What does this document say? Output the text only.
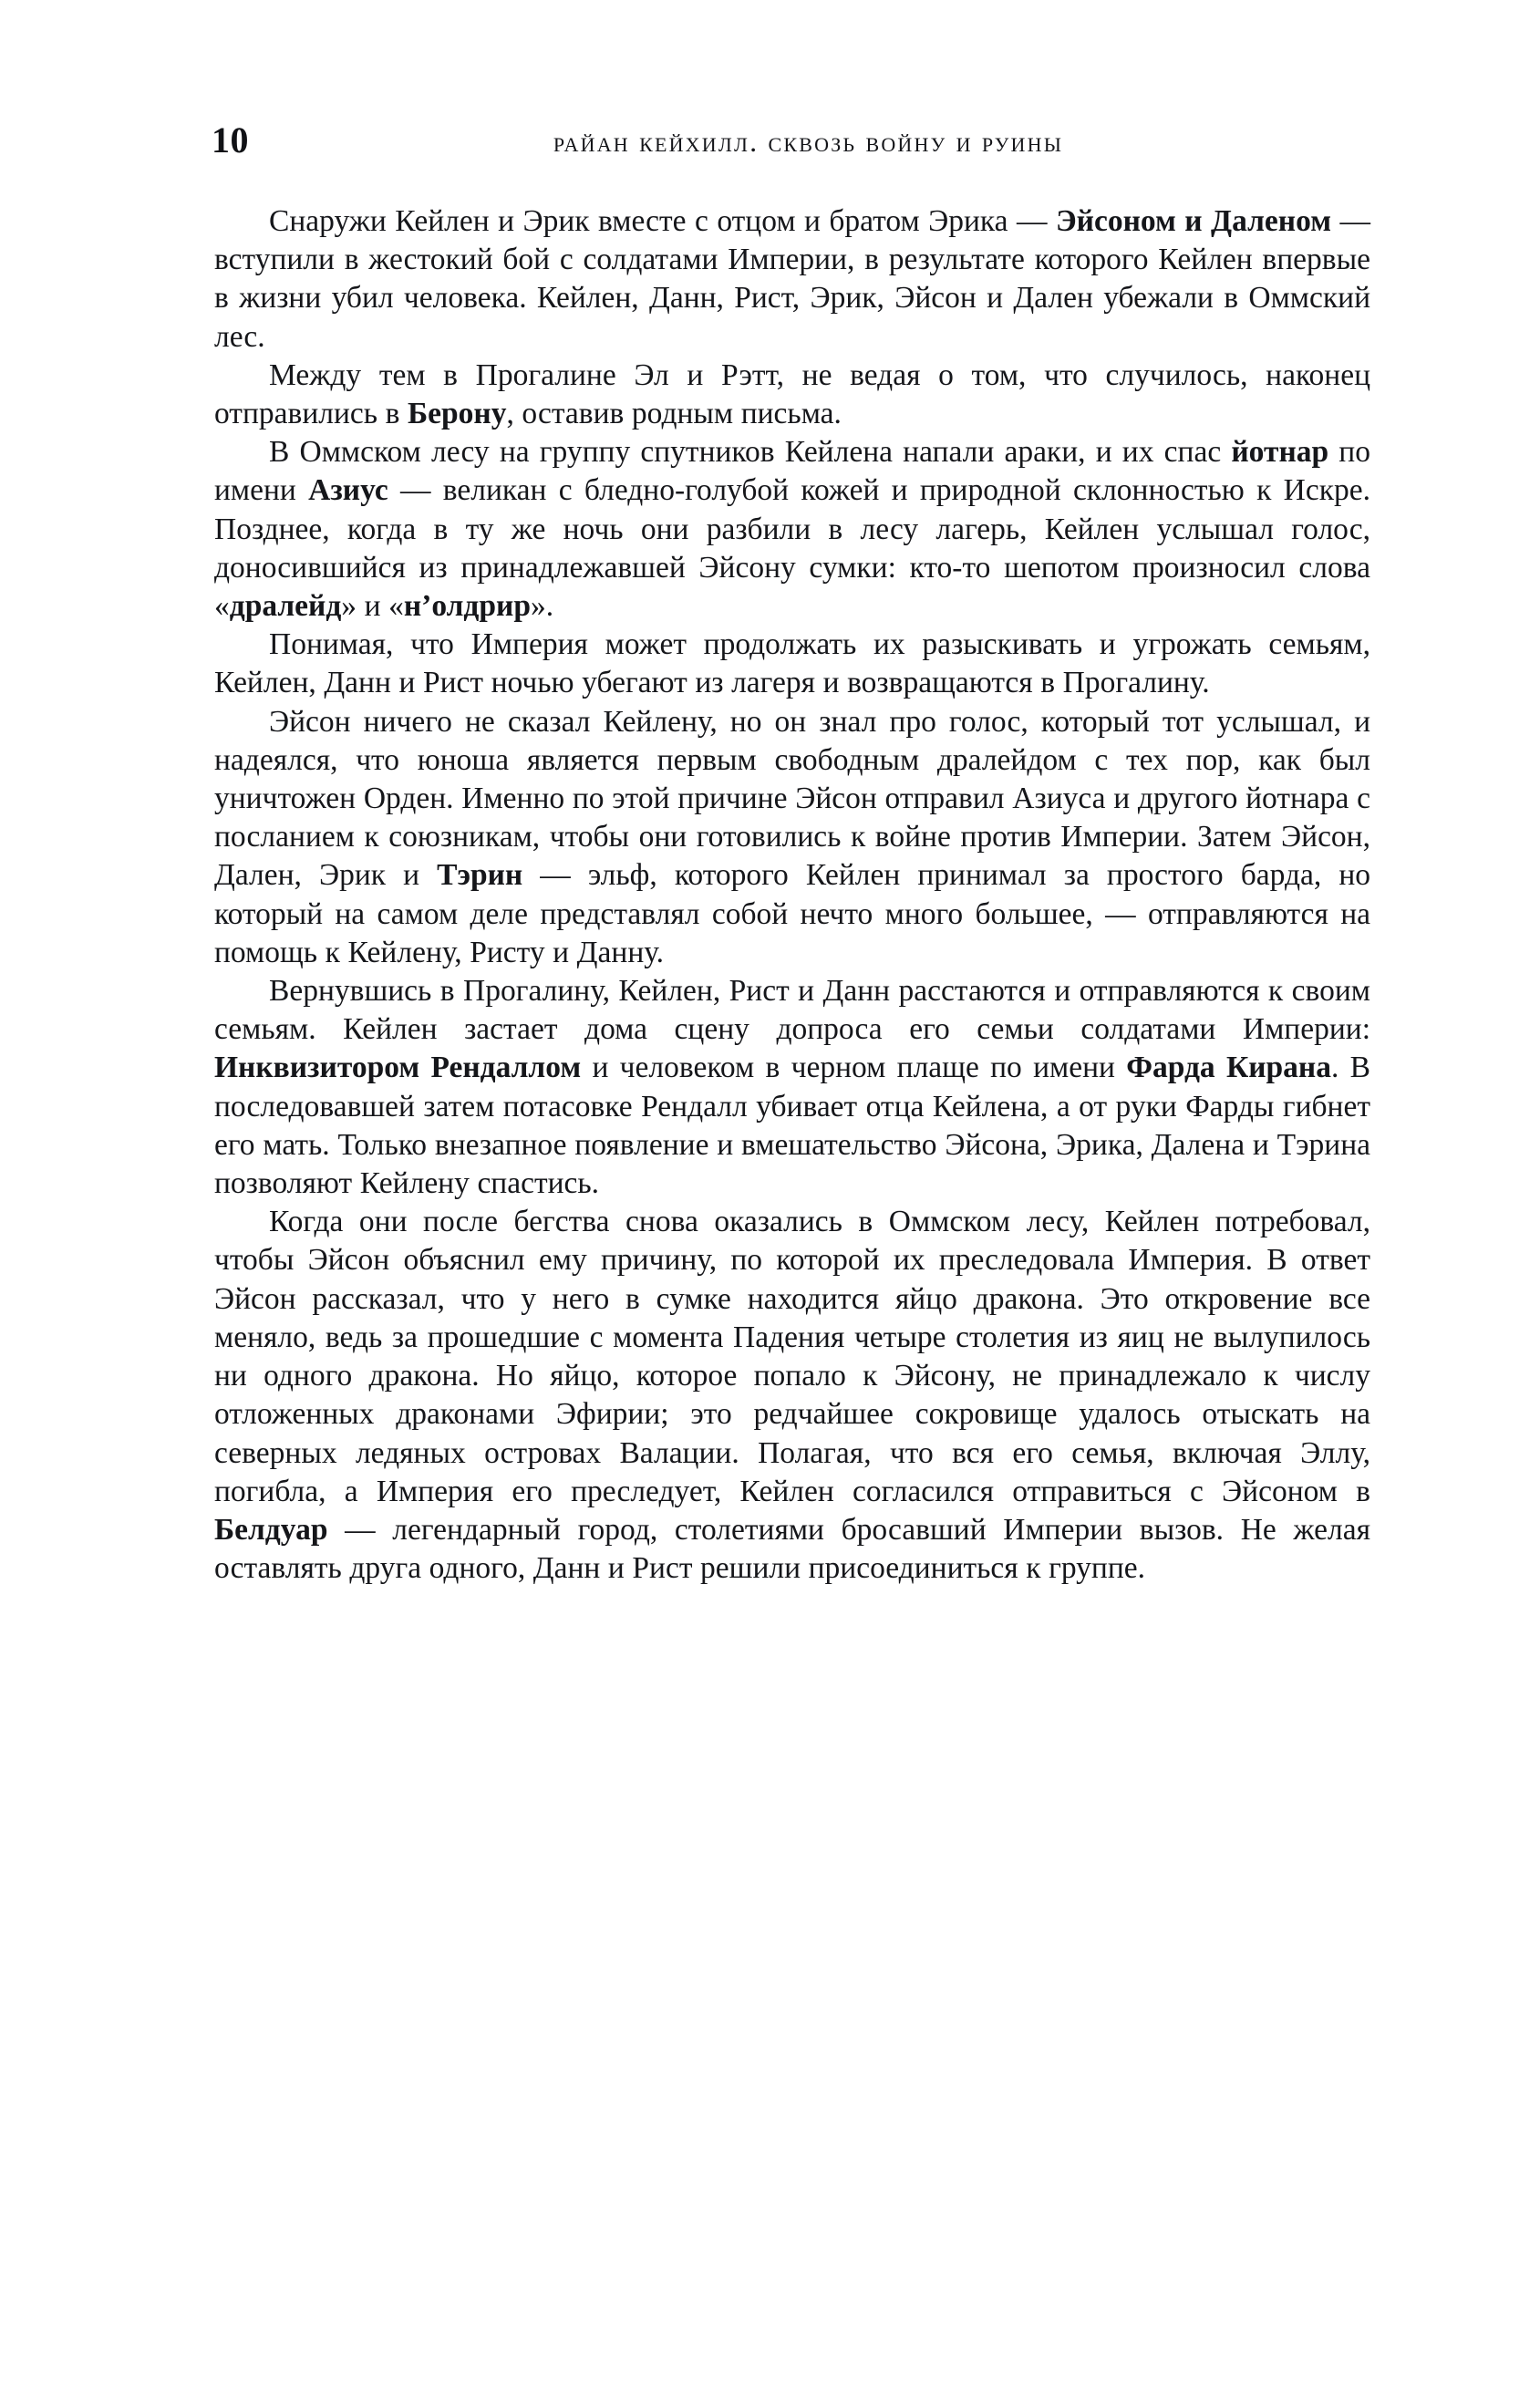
10	райан кейхилл. сквозь войну и руины

Снаружи Кейлен и Эрик вместе с отцом и братом Эрика — Эйсоном и Даленом — вступили в жестокий бой с солдатами Империи, в результате которого Кейлен впервые в жизни убил человека. Кейлен, Данн, Рист, Эрик, Эйсон и Дален убежали в Оммский лес.

Между тем в Прогалине Эл и Рэтт, не ведая о том, что случилось, наконец отправились в Берону, оставив родным письма.

В Оммском лесу на группу спутников Кейлена напали араки, и их спас йотнар по имени Азиус — великан с бледно-голубой кожей и природной склонностью к Искре. Позднее, когда в ту же ночь они разбили в лесу лагерь, Кейлен услышал голос, доносившийся из принадлежавшей Эйсону сумки: кто-то шепотом произносил слова «дралейд» и «н’олдрир».

Понимая, что Империя может продолжать их разыскивать и угрожать семьям, Кейлен, Данн и Рист ночью убегают из лагеря и возвращаются в Прогалину.

Эйсон ничего не сказал Кейлену, но он знал про голос, который тот услышал, и надеялся, что юноша является первым свободным дралейдом с тех пор, как был уничтожен Орден. Именно по этой причине Эйсон отправил Азиуса и другого йотнара с посланием к союзникам, чтобы они готовились к войне против Империи. Затем Эйсон, Дален, Эрик и Тэрин — эльф, которого Кейлен принимал за простого барда, но который на самом деле представлял собой нечто много большее, — отправляются на помощь к Кейлену, Ристу и Данну.

Вернувшись в Прогалину, Кейлен, Рист и Данн расстаются и отправляются к своим семьям. Кейлен застает дома сцену допроса его семьи солдатами Империи: Инквизитором Рендаллом и человеком в черном плаще по имени Фарда Кирана. В последовавшей затем потасовке Рендалл убивает отца Кейлена, а от руки Фарды гибнет его мать. Только внезапное появление и вмешательство Эйсона, Эрика, Далена и Тэрина позволяют Кейлену спастись.

Когда они после бегства снова оказались в Оммском лесу, Кейлен потребовал, чтобы Эйсон объяснил ему причину, по которой их преследовала Империя. В ответ Эйсон рассказал, что у него в сумке находится яйцо дракона. Это откровение все меняло, ведь за прошедшие с момента Падения четыре столетия из яиц не вылупилось ни одного дракона. Но яйцо, которое попало к Эйсону, не принадлежало к числу отложенных драконами Эфирии; это редчайшее сокровище удалось отыскать на северных ледяных островах Валации. Полагая, что вся его семья, включая Эллу, погибла, а Империя его преследует, Кейлен согласился отправиться с Эйсоном в Белдуар — легендарный город, столетиями бросавший Империи вызов. Не желая оставлять друга одного, Данн и Рист решили присоединиться к группе.
